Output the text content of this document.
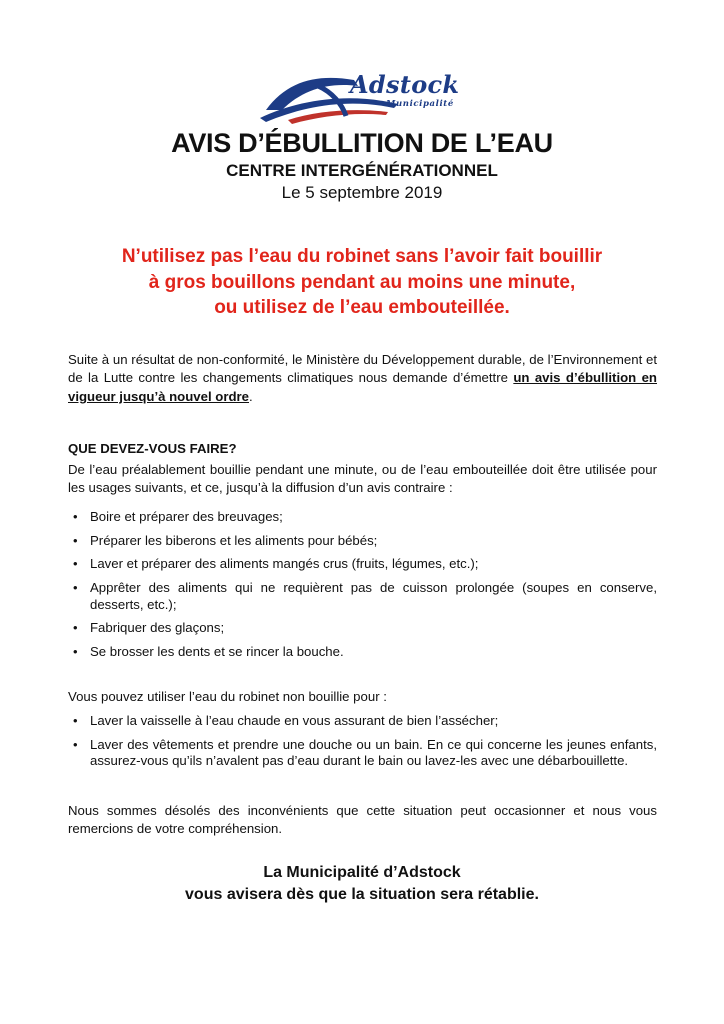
Adstock
Municipalité
AVIS D’ÉBULLITION DE L’EAU
CENTRE INTERGÉNÉRATIONNEL
Le 5 septembre 2019
N’utilisez pas l’eau du robinet sans l’avoir fait bouillir
à gros bouillons pendant au moins une minute,
ou utilisez de l’eau embouteillée.
Suite à un résultat de non-conformité, le Ministère du Développement durable, de l’Environnement et de la Lutte contre les changements climatiques nous demande d’émettre un avis d’ébullition en vigueur jusqu’à nouvel ordre.
QUE DEVEZ-VOUS FAIRE?
De l’eau préalablement bouillie pendant une minute, ou de l’eau embouteillée doit être utilisée pour les usages suivants, et ce, jusqu’à la diffusion d’un avis contraire :
• Boire et préparer des breuvages;
• Préparer les biberons et les aliments pour bébés;
• Laver et préparer des aliments mangés crus (fruits, légumes, etc.);
• Apprêter des aliments qui ne requièrent pas de cuisson prolongée (soupes en conserve, desserts, etc.);
• Fabriquer des glaçons;
• Se brosser les dents et se rincer la bouche.
Vous pouvez utiliser l’eau du robinet non bouillie pour :
• Laver la vaisselle à l’eau chaude en vous assurant de bien l’assécher;
• Laver des vêtements et prendre une douche ou un bain. En ce qui concerne les jeunes enfants, assurez-vous qu’ils n’avalent pas d’eau durant le bain ou lavez-les avec une débarbouillette.
Nous sommes désolés des inconvénients que cette situation peut occasionner et nous vous remercions de votre compréhension.
La Municipalité d’Adstock
vous avisera dès que la situation sera rétablie.
